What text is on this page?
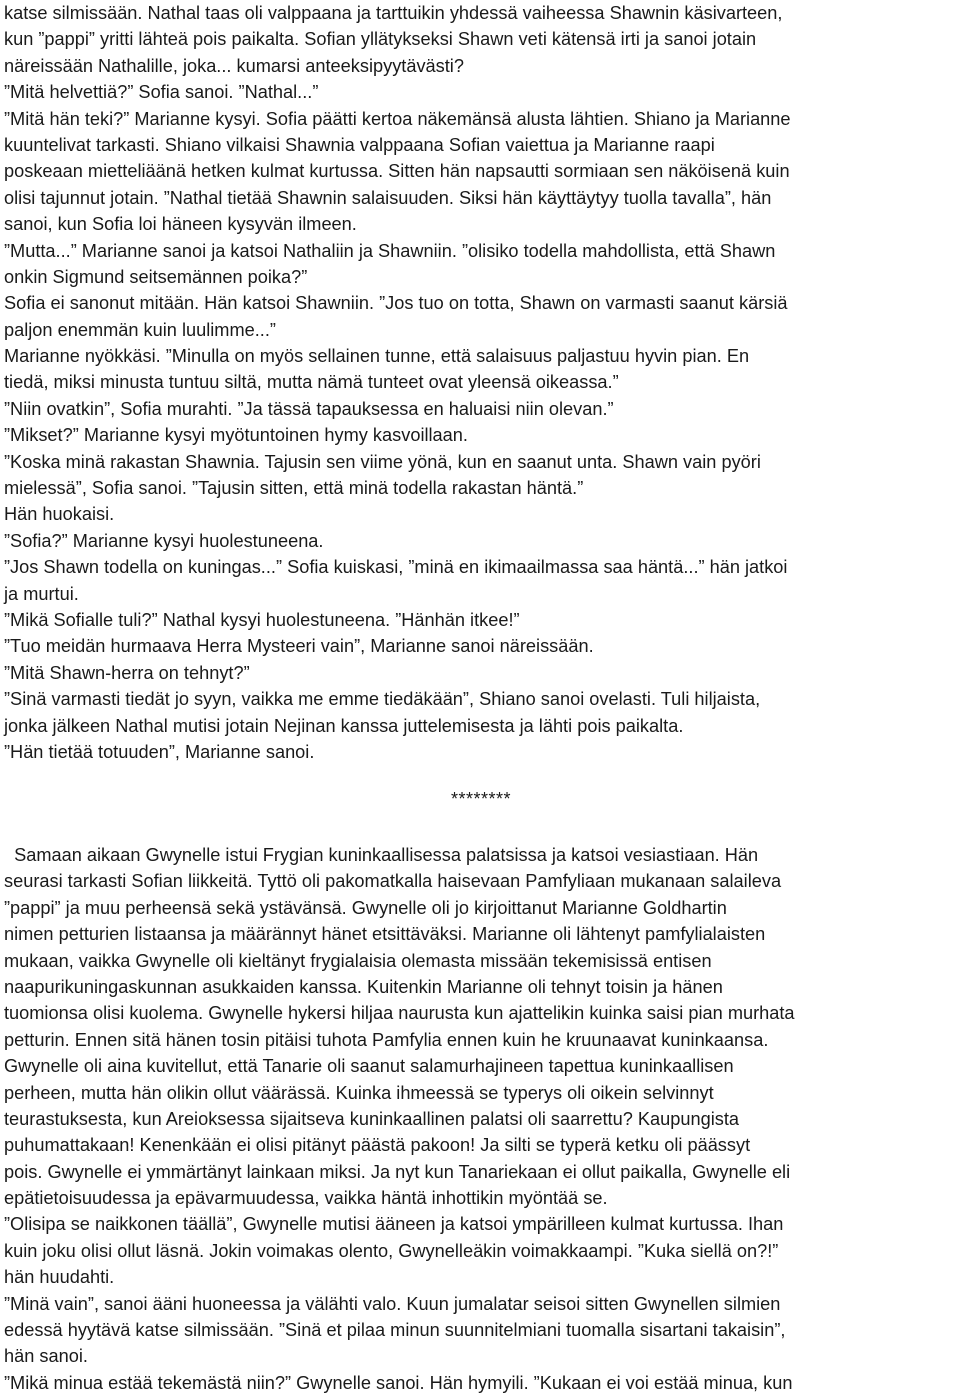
katse silmissään. Nathal taas oli valppaana ja tarttuikin yhdessä vaiheessa Shawnin käsivarteen,
kun ”pappi” yritti lähteä pois paikalta. Sofian yllätykseksi Shawn veti kätensä irti ja sanoi jotain
näreissään Nathalille, joka... kumarsi anteeksipyytävästi?
”Mitä helvettiä?” Sofia sanoi. ”Nathal...”
”Mitä hän teki?” Marianne kysyi. Sofia päätti kertoa näkemänsä alusta lähtien. Shiano ja Marianne
kuuntelivat tarkasti. Shiano vilkaisi Shawnia valppaana Sofian vaiettua ja Marianne raapi
poskeaan mietteliäänä hetken kulmat kurtussa. Sitten hän napsautti sormiaan sen näköisenä kuin
olisi tajunnut jotain. ”Nathal tietää Shawnin salaisuuden. Siksi hän käyttäytyy tuolla tavalla”, hän
sanoi, kun Sofia loi häneen kysyvän ilmeen.
”Mutta...” Marianne sanoi ja katsoi Nathaliin ja Shawniin. ”olisiko todella mahdollista, että Shawn
onkin Sigmund seitsemännen poika?”
Sofia ei sanonut mitään. Hän katsoi Shawniin. ”Jos tuo on totta, Shawn on varmasti saanut kärsiä
paljon enemmän kuin luulimme...”
Marianne nyökkäsi. ”Minulla on myös sellainen tunne, että salaisuus paljastuu hyvin pian. En
tiedä, miksi minusta tuntuu siltä, mutta nämä tunteet ovat yleensä oikeassa.”
”Niin ovatkin”, Sofia murahti. ”Ja tässä tapauksessa en haluaisi niin olevan.”
”Mikset?” Marianne kysyi myötuntoinen hymy kasvoillaan.
”Koska minä rakastan Shawnia. Tajusin sen viime yönä, kun en saanut unta. Shawn vain pyöri
mielessä”, Sofia sanoi. ”Tajusin sitten, että minä todella rakastan häntä.”
Hän huokaisi.
”Sofia?” Marianne kysyi huolestuneena.
”Jos Shawn todella on kuningas...” Sofia kuiskasi, ”minä en ikimaailmassa saa häntä...” hän jatkoi
ja murtui.
”Mikä Sofialle tuli?” Nathal kysyi huolestuneena. ”Hänhän itkee!”
”Tuo meidän hurmaava Herra Mysteeri vain”, Marianne sanoi näreissään.
”Mitä Shawn-herra on tehnyt?”
”Sinä varmasti tiedät jo syyn, vaikka me emme tiedäkään”, Shiano sanoi ovelasti. Tuli hiljaista,
jonka jälkeen Nathal mutisi jotain Nejinan kanssa juttelemisesta ja lähti pois paikalta.
”Hän tietää totuuden”, Marianne sanoi.
********
Samaan aikaan Gwynelle istui Frygian kuninkaallisessa palatsissa ja katsoi vesiastiaan. Hän
seurasi tarkasti Sofian liikkeitä. Tyttö oli pakomatkalla haisevaan Pamfyliaan mukanaan salaileva
”pappi” ja muu perheensä sekä ystävänsä. Gwynelle oli jo kirjoittanut Marianne Goldhartin
nimen petturien listaansa ja määrännyt hänet etsittäväksi. Marianne oli lähtenyt pamfylialaisten
mukaan, vaikka Gwynelle oli kieltänyt frygialaisia olemasta missään tekemisissä entisen
naapurikuningaskunnan asukkaiden kanssa. Kuitenkin Marianne oli tehnyt toisin ja hänen
tuomionsa olisi kuolema. Gwynelle hykersi hiljaa naurusta kun ajattelikin kuinka saisi pian murhata
petturin. Ennen sitä hänen tosin pitäisi tuhota Pamfylia ennen kuin he kruunaavat kuninkaansa.
Gwynelle oli aina kuvitellut, että Tanarie oli saanut salamurhajineen tapettua kuninkaallisen
perheen, mutta hän olikin ollut väärässä. Kuinka ihmeessä se typerys oli oikein selvinnyt
teurastuksesta, kun Areioksessa sijaitseva kuninkaallinen palatsi oli saarrettu? Kaupungista
puhumattakaan! Kenenkään ei olisi pitänyt päästä pakoon! Ja silti se typerä ketku oli päässyt
pois. Gwynelle ei ymmärtänyt lainkaan miksi. Ja nyt kun Tanariekaan ei ollut paikalla, Gwynelle eli
epätietoisuudessa ja epävarmuudessa, vaikka häntä inhottikin myöntää se.
”Olisipa se naikkonen täällä”, Gwynelle mutisi ääneen ja katsoi ympärilleen kulmat kurtussa. Ihan
kuin joku olisi ollut läsnä. Jokin voimakas olento, Gwynelleäkin voimakkaampi. ”Kuka siellä on?!”
hän huudahti.
”Minä vain”, sanoi ääni huoneessa ja välähti valo. Kuun jumalatar seisoi sitten Gwynellen silmien
edessä hyytävä katse silmissään. ”Sinä et pilaa minun suunnitelmiani tuomalla sisartani takaisin”,
hän sanoi.
”Mikä minua estää tekemästä niin?” Gwynelle sanoi. Hän hymyili. ”Kukaan ei voi estää minua, kun
